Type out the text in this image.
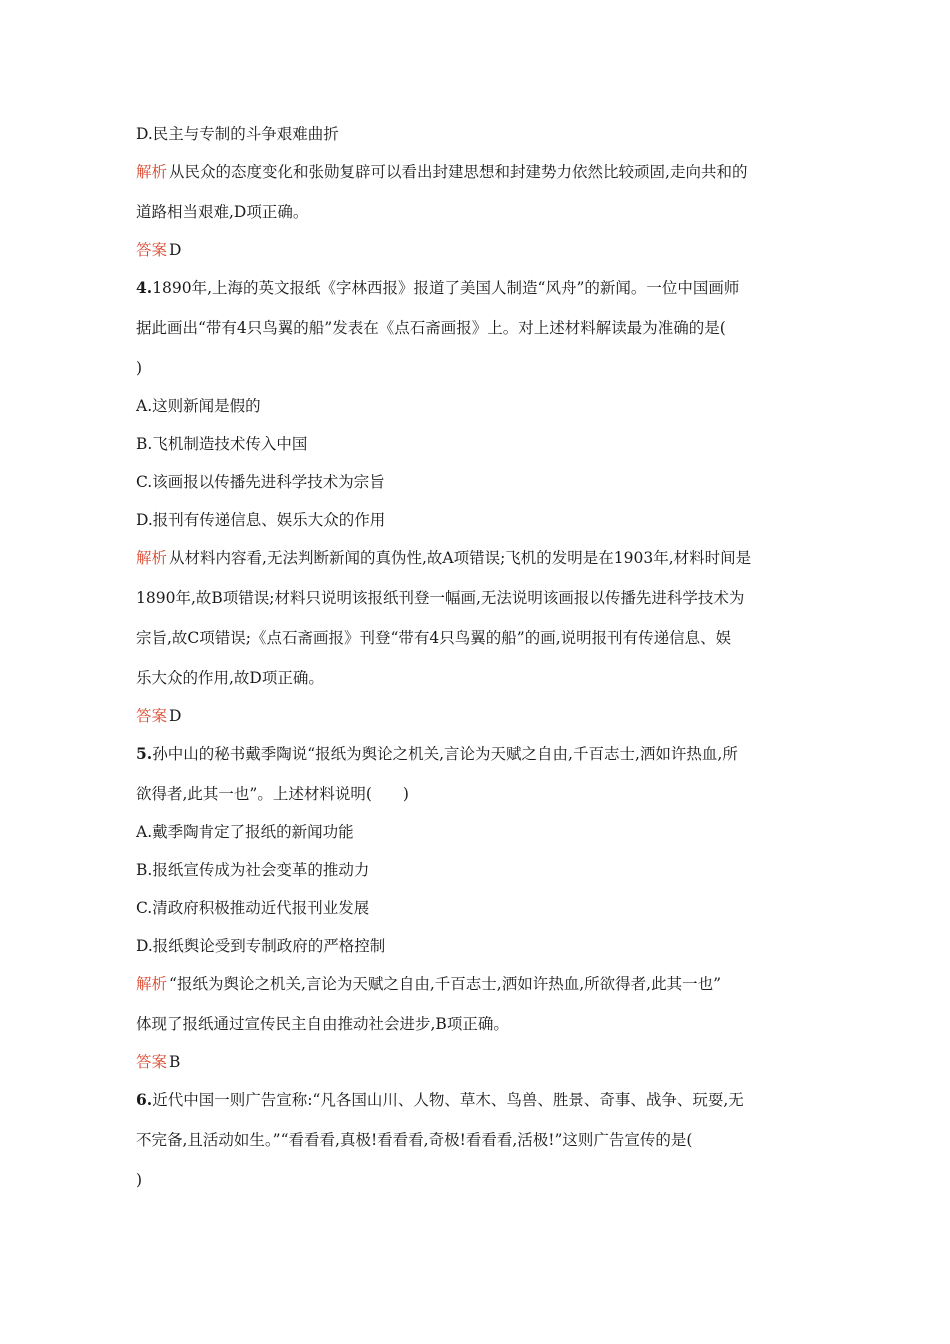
D.民主与专制的斗争艰难曲折

解析 从民众的态度变化和张勋复辟可以看出封建思想和封建势力依然比较顽固,走向共和的

道路相当艰难,D项正确。

答案 D

4.1890年,上海的英文报纸《字林西报》报道了美国人制造“风舟”的新闻。一位中国画师

据此画出“带有4只鸟翼的船”发表在《点石斋画报》上。对上述材料解读最为准确的是(

)

A.这则新闻是假的

B.飞机制造技术传入中国

C.该画报以传播先进科学技术为宗旨

D.报刊有传递信息、娱乐大众的作用

解析 从材料内容看,无法判断新闻的真伪性,故A项错误;飞机的发明是在1903年,材料时间是

1890年,故B项错误;材料只说明该报纸刊登一幅画,无法说明该画报以传播先进科学技术为

宗旨,故C项错误;《点石斋画报》刊登“带有4只鸟翼的船”的画,说明报刊有传递信息、娱

乐大众的作用,故D项正确。

答案 D

5.孙中山的秘书戴季陶说“报纸为舆论之机关,言论为天赋之自由,千百志士,洒如许热血,所

欲得者,此其一也”。上述材料说明(　　)

A.戴季陶肯定了报纸的新闻功能

B.报纸宣传成为社会变革的推动力

C.清政府积极推动近代报刊业发展

D.报纸舆论受到专制政府的严格控制

解析 “报纸为舆论之机关,言论为天赋之自由,千百志士,洒如许热血,所欲得者,此其一也”

体现了报纸通过宣传民主自由推动社会进步,B项正确。

答案 B

6.近代中国一则广告宣称:“凡各国山川、人物、草木、鸟兽、胜景、奇事、战争、玩耍,无

不完备,且活动如生。”“看看看,真极!看看看,奇极!看看看,活极!”这则广告宣传的是(

)
